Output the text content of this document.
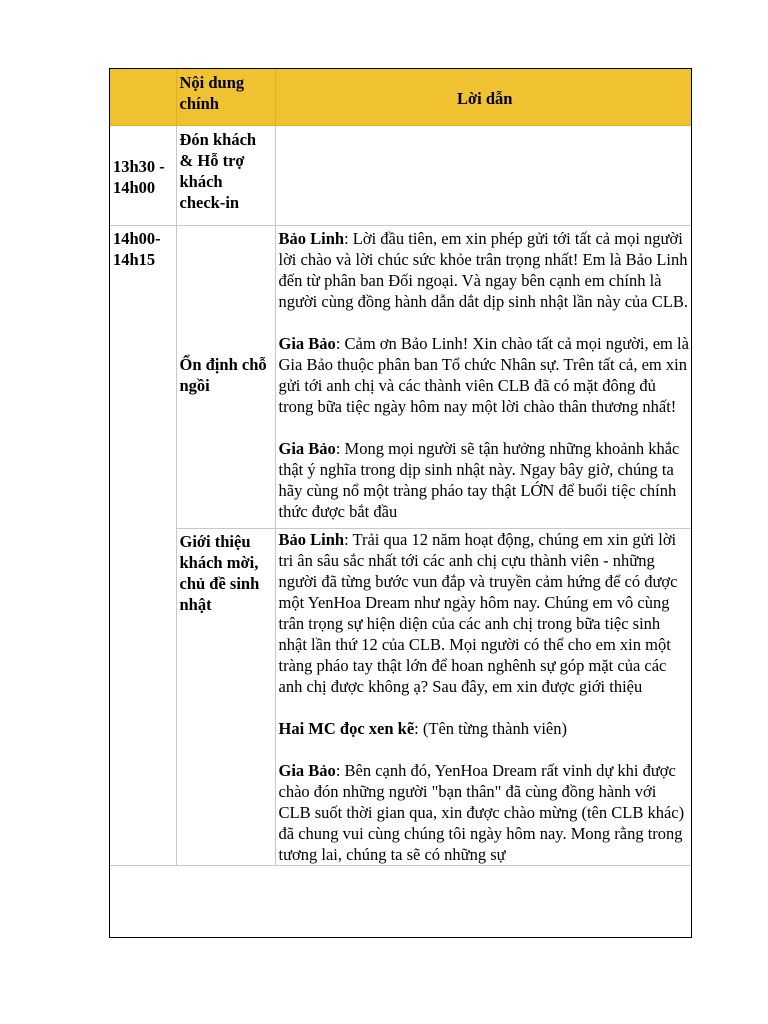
	Nội dung chính	Lời dẫn
13h30 - 14h00	Đón khách & Hỗ trợ khách check-in	
14h00-14h15	Ổn định chỗ ngồi	Bảo Linh: Lời đầu tiên, em xin phép gửi tới tất cả mọi người lời chào và lời chúc sức khỏe trân trọng nhất! Em là Bảo Linh đến từ phân ban Đối ngoại. Và ngay bên cạnh em chính là người cùng đồng hành dẫn dắt dịp sinh nhật lần này của CLB.

Gia Bảo: Cảm ơn Bảo Linh! Xin chào tất cả mọi người, em là Gia Bảo thuộc phân ban Tổ chức Nhân sự. Trên tất cả, em xin gửi tới anh chị và các thành viên CLB đã có mặt đông đủ trong bữa tiệc ngày hôm nay một lời chào thân thương nhất!

Gia Bảo: Mong mọi người sẽ tận hưởng những khoảnh khắc thật ý nghĩa trong dịp sinh nhật này. Ngay bây giờ, chúng ta hãy cùng nổ một tràng pháo tay thật LỚN để buổi tiệc chính thức được bắt đầu

	Giới thiệu khách mời, chủ đề sinh nhật	Bảo Linh: Trải qua 12 năm hoạt động, chúng em xin gửi lời tri ân sâu sắc nhất tới các anh chị cựu thành viên - những người đã từng bước vun đắp và truyền cảm hứng để có được một YenHoa Dream như ngày hôm nay. Chúng em vô cùng trân trọng sự hiện diện của các anh chị trong bữa tiệc sinh nhật lần thứ 12 của CLB. Mọi người có thể cho em xin một tràng pháo tay thật lớn để hoan nghênh sự góp mặt của các anh chị được không ạ? Sau đây, em xin được giới thiệu

Hai MC đọc xen kẽ: (Tên từng thành viên)

Gia Bảo: Bên cạnh đó, YenHoa Dream rất vinh dự khi được chào đón những người "bạn thân" đã cùng đồng hành với CLB suốt thời gian qua, xin được chào mừng (tên CLB khác) đã chung vui cùng chúng tôi ngày hôm nay. Mong rằng trong tương lai, chúng ta sẽ có những sự
